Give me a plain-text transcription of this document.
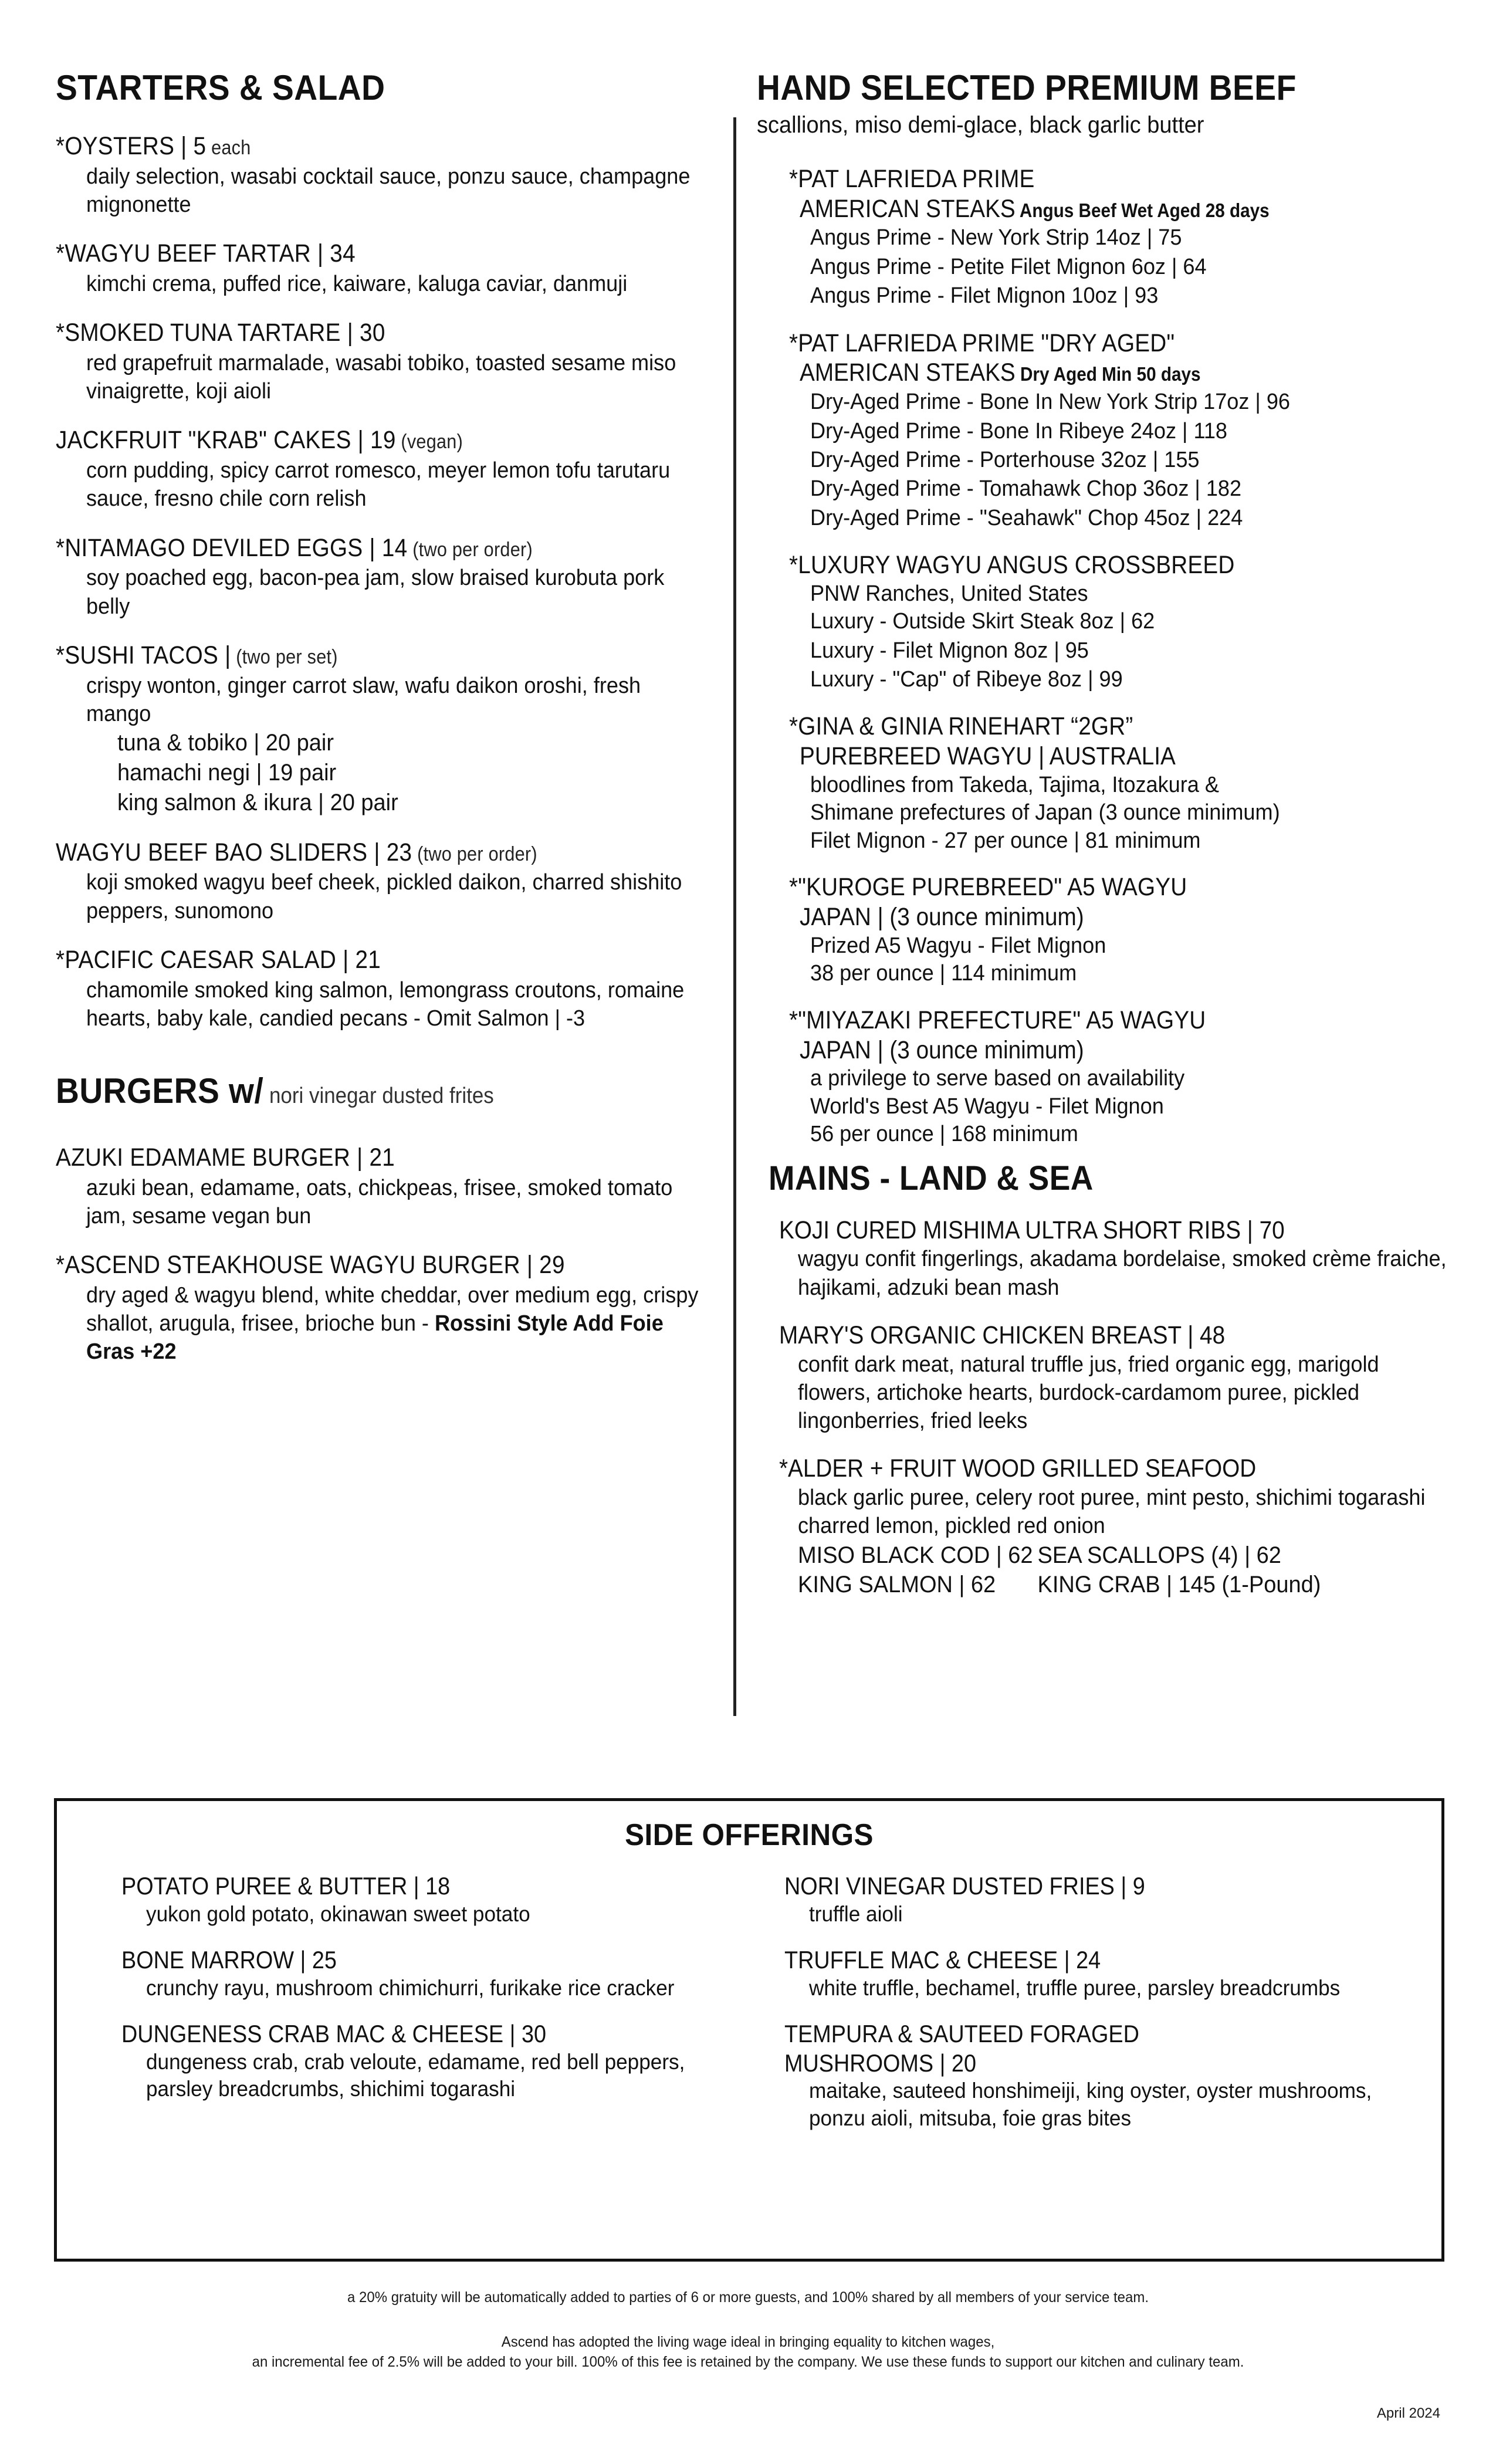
STARTERS & SALAD
*OYSTERS | 5 each
daily selection, wasabi cocktail sauce, ponzu sauce, champagne mignonette
*WAGYU BEEF TARTAR | 34
kimchi crema, puffed rice, kaiware, kaluga caviar, danmuji
*SMOKED TUNA TARTARE | 30
red grapefruit marmalade, wasabi tobiko, toasted sesame miso vinaigrette, koji aioli
JACKFRUIT "KRAB" CAKES | 19 (vegan)
corn pudding, spicy carrot romesco, meyer lemon tofu tarutaru sauce, fresno chile corn relish
*NITAMAGO DEVILED EGGS | 14 (two per order)
soy poached egg, bacon-pea jam, slow braised kurobuta pork belly
*SUSHI TACOS | (two per set)
crispy wonton, ginger carrot slaw, wafu daikon oroshi, fresh mango
tuna & tobiko | 20 pair
hamachi negi | 19 pair
king salmon & ikura | 20 pair
WAGYU BEEF BAO SLIDERS | 23 (two per order)
koji smoked wagyu beef cheek, pickled daikon, charred shishito peppers, sunomono
*PACIFIC CAESAR SALAD | 21
chamomile smoked king salmon, lemongrass croutons, romaine hearts, baby kale, candied pecans - Omit Salmon | -3
BURGERS w/ nori vinegar dusted frites
AZUKI EDAMAME BURGER | 21
azuki bean, edamame, oats, chickpeas, frisee, smoked tomato jam, sesame vegan bun
*ASCEND STEAKHOUSE WAGYU BURGER | 29
dry aged & wagyu blend, white cheddar, over medium egg, crispy shallot, arugula, frisee, brioche bun - Rossini Style Add Foie Gras +22
HAND SELECTED PREMIUM BEEF
scallions, miso demi-glace, black garlic butter
*PAT LAFRIEDA PRIME
AMERICAN STEAKS Angus Beef Wet Aged 28 days
Angus Prime - New York Strip 14oz | 75
Angus Prime - Petite Filet Mignon 6oz | 64
Angus Prime - Filet Mignon 10oz | 93
*PAT LAFRIEDA PRIME "DRY AGED"
AMERICAN STEAKS Dry Aged Min 50 days
Dry-Aged Prime - Bone In New York Strip 17oz | 96
Dry-Aged Prime - Bone In Ribeye 24oz | 118
Dry-Aged Prime - Porterhouse 32oz | 155
Dry-Aged Prime - Tomahawk Chop 36oz | 182
Dry-Aged Prime - "Seahawk" Chop 45oz | 224
*LUXURY WAGYU ANGUS CROSSBREED
PNW Ranches, United States
Luxury - Outside Skirt Steak 8oz | 62
Luxury - Filet Mignon 8oz | 95
Luxury - "Cap" of Ribeye 8oz | 99
*GINA & GINIA RINEHART “2GR”
PUREBREED WAGYU | AUSTRALIA
bloodlines from Takeda, Tajima, Itozakura &
Shimane prefectures of Japan (3 ounce minimum)
Filet Mignon - 27 per ounce | 81 minimum
*"KUROGE PUREBREED" A5 WAGYU
JAPAN | (3 ounce minimum)
Prized A5 Wagyu - Filet Mignon
38 per ounce | 114 minimum
*"MIYAZAKI PREFECTURE" A5 WAGYU
JAPAN | (3 ounce minimum)
a privilege to serve based on availability
World's Best A5 Wagyu - Filet Mignon
56 per ounce | 168 minimum
MAINS - LAND & SEA
KOJI CURED MISHIMA ULTRA SHORT RIBS | 70
wagyu confit fingerlings, akadama bordelaise, smoked crème fraiche, hajikami, adzuki bean mash
MARY'S ORGANIC CHICKEN BREAST | 48
confit dark meat, natural truffle jus, fried organic egg, marigold flowers, artichoke hearts, burdock-cardamom puree, pickled lingonberries, fried leeks
*ALDER + FRUIT WOOD GRILLED SEAFOOD
black garlic puree, celery root puree, mint pesto, shichimi togarashi charred lemon, pickled red onion
MISO BLACK COD | 62 SEA SCALLOPS (4) | 62
KING SALMON | 62	KING CRAB | 145 (1-Pound)
SIDE OFFERINGS
POTATO PUREE & BUTTER | 18
yukon gold potato, okinawan sweet potato
BONE MARROW | 25
crunchy rayu, mushroom chimichurri, furikake rice cracker
DUNGENESS CRAB MAC & CHEESE | 30
dungeness crab, crab veloute, edamame, red bell peppers, parsley breadcrumbs, shichimi togarashi
NORI VINEGAR DUSTED FRIES | 9
truffle aioli
TRUFFLE MAC & CHEESE | 24
white truffle, bechamel, truffle puree, parsley breadcrumbs
TEMPURA & SAUTEED FORAGED MUSHROOMS | 20
maitake, sauteed honshimeiji, king oyster, oyster mushrooms, ponzu aioli, mitsuba, foie gras bites
a 20% gratuity will be automatically added to parties of 6 or more guests, and 100% shared by all members of your service team.
Ascend has adopted the living wage ideal in bringing equality to kitchen wages,
an incremental fee of 2.5% will be added to your bill. 100% of this fee is retained by the company. We use these funds to support our kitchen and culinary team.
April 2024
